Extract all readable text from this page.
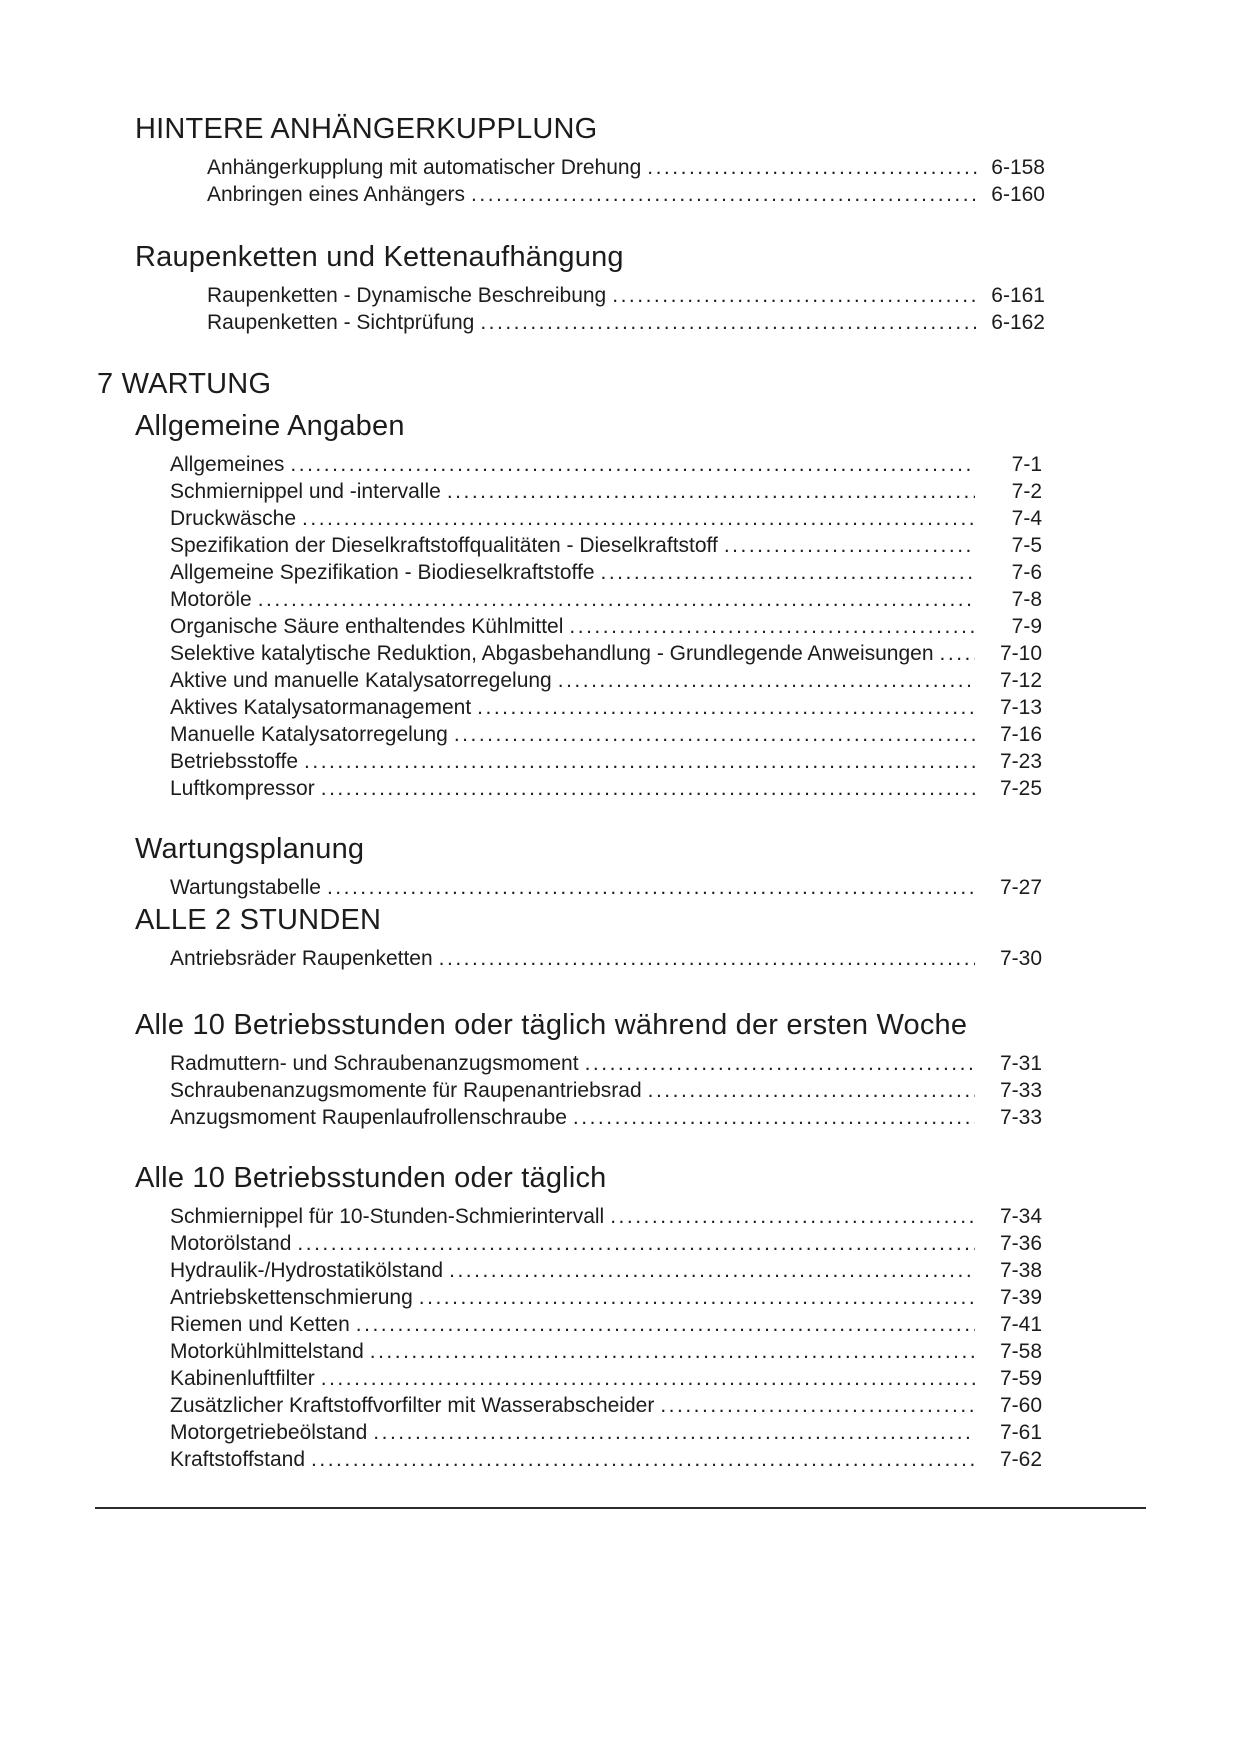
HINTERE ANHÄNGERKUPPLUNG
Anhängerkupplung mit automatischer Drehung .....	6-158
Anbringen eines Anhängers .....	6-160
Raupenketten und Kettenaufhängung
Raupenketten - Dynamische Beschreibung .....	6-161
Raupenketten - Sichtprüfung .....	6-162
7 WARTUNG
Allgemeine Angaben
Allgemeines .....	7-1
Schmiernippel und -intervalle .....	7-2
Druckwäsche .....	7-4
Spezifikation der Dieselkraftstoffqualitäten - Dieselkraftstoff .....	7-5
Allgemeine Spezifikation - Biodieselkraftstoffe .....	7-6
Motoröle .....	7-8
Organische Säure enthaltendes Kühlmittel .....	7-9
Selektive katalytische Reduktion, Abgasbehandlung - Grundlegende Anweisungen .....	7-10
Aktive und manuelle Katalysatorregelung .....	7-12
Aktives Katalysatormanagement .....	7-13
Manuelle Katalysatorregelung .....	7-16
Betriebsstoffe .....	7-23
Luftkompressor .....	7-25
Wartungsplanung
Wartungstabelle .....	7-27
ALLE 2 STUNDEN
Antriebsräder Raupenketten .....	7-30
Alle 10 Betriebsstunden oder täglich während der ersten Woche
Radmuttern- und Schraubenanzugsmoment .....	7-31
Schraubenanzugsmomente für Raupenantriebsrad .....	7-33
Anzugsmoment Raupenlaufrollenschraube .....	7-33
Alle 10 Betriebsstunden oder täglich
Schmiernippel für 10-Stunden-Schmierintervall .....	7-34
Motorölstand .....	7-36
Hydraulik-/Hydrostatikölstand .....	7-38
Antriebskettenschmierung .....	7-39
Riemen und Ketten .....	7-41
Motorkühlmittelstand .....	7-58
Kabinenluftfilter .....	7-59
Zusätzlicher Kraftstoffvorfilter mit Wasserabscheider .....	7-60
Motorgetriebeölstand .....	7-61
Kraftstoffstand .....	7-62
